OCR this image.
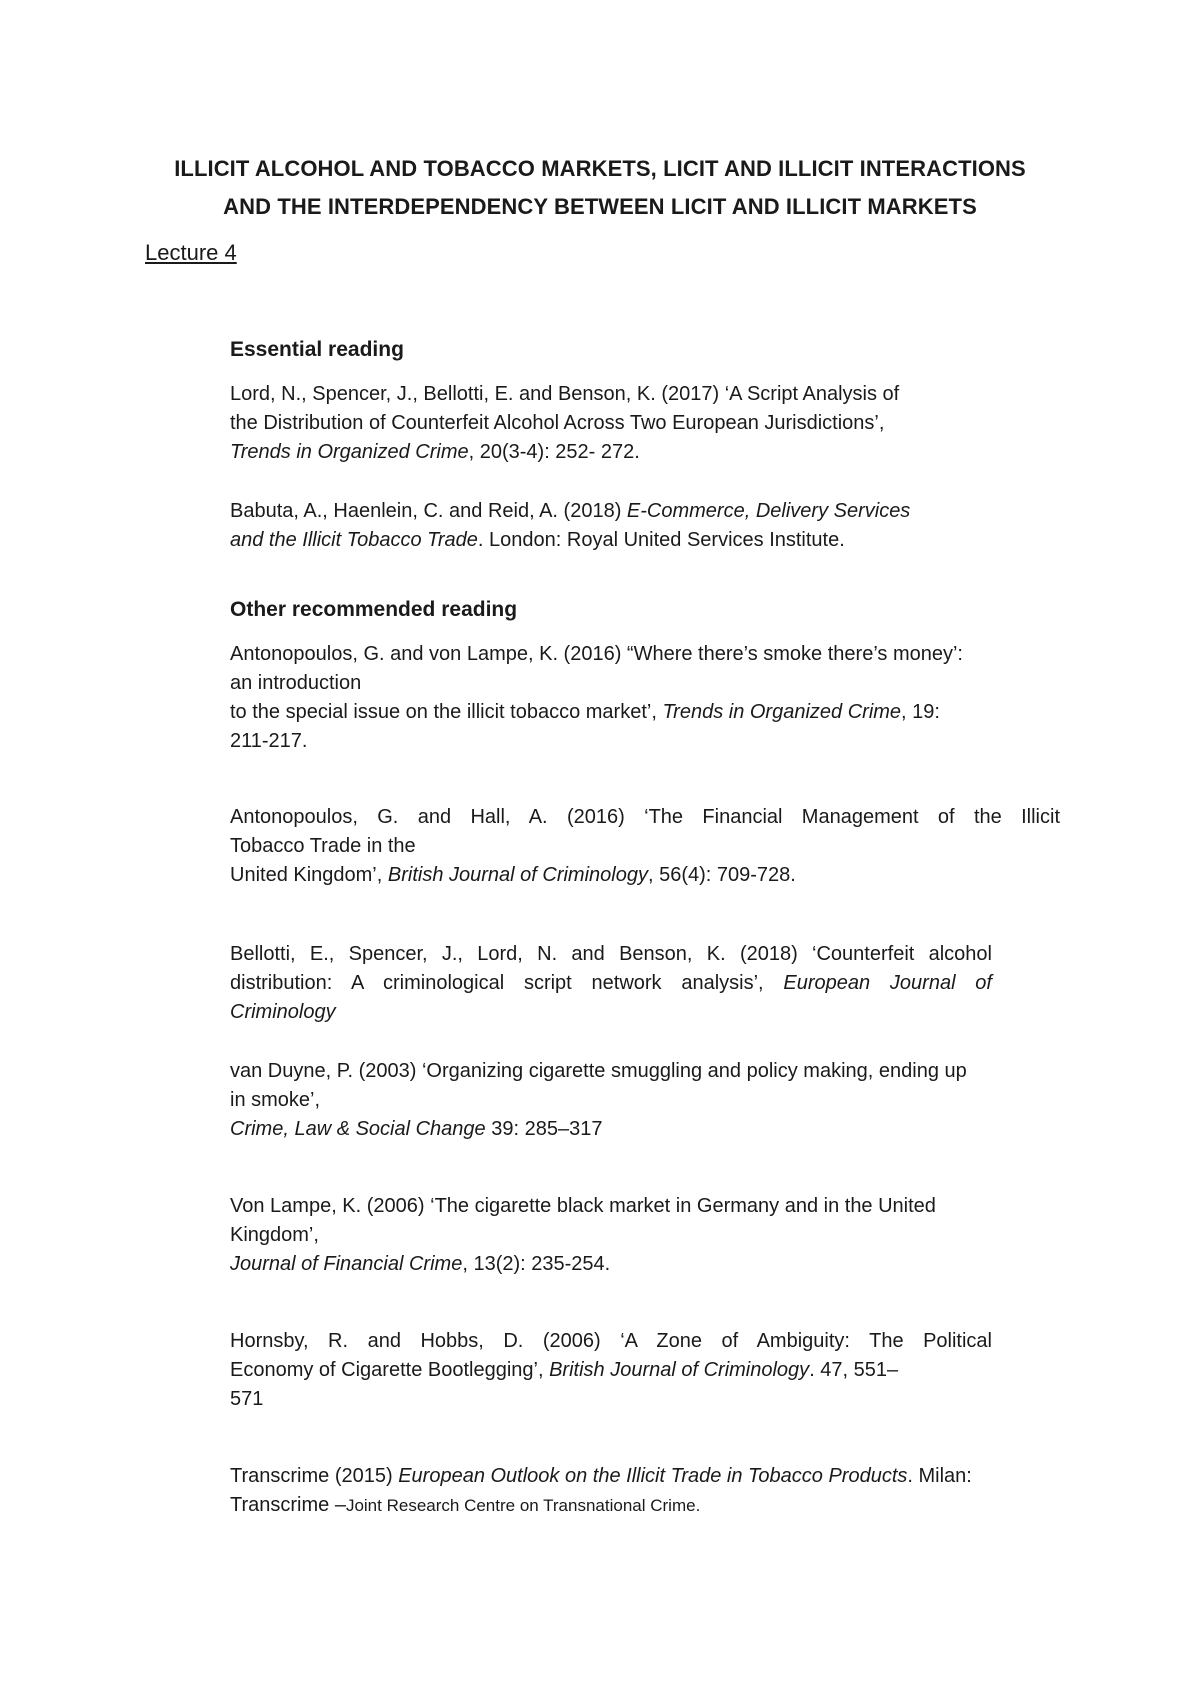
ILLICIT ALCOHOL AND TOBACCO MARKETS, LICIT AND ILLICIT INTERACTIONS
AND THE INTERDEPENDENCY BETWEEN LICIT AND ILLICIT MARKETS
Lecture 4
Essential reading
Lord, N., Spencer, J., Bellotti, E. and Benson, K. (2017) ‘A Script Analysis of
the Distribution of Counterfeit Alcohol Across Two European Jurisdictions’,
Trends in Organized Crime, 20(3-4): 252- 272.
Babuta, A., Haenlein, C. and Reid, A. (2018) E-Commerce, Delivery Services
and the Illicit Tobacco Trade. London: Royal United Services Institute.
Other recommended reading
Antonopoulos, G. and von Lampe, K. (2016) “Where there’s smoke there’s money’:
an introduction
to the special issue on the illicit tobacco market’, Trends in Organized Crime, 19:
211-217.
Antonopoulos, G. and Hall, A. (2016) ‘The Financial Management of the Illicit
Tobacco Trade in the
United Kingdom’, British Journal of Criminology, 56(4): 709-728.
Bellotti, E., Spencer, J., Lord, N. and Benson, K. (2018) ‘Counterfeit alcohol
distribution: A criminological script network analysis’, European Journal of
Criminology
van Duyne, P. (2003) ‘Organizing cigarette smuggling and policy making, ending up
in smoke’,
Crime, Law & Social Change 39: 285–317
Von Lampe, K. (2006) ‘The cigarette black market in Germany and in the United
Kingdom’,
Journal of Financial Crime, 13(2): 235-254.
Hornsby, R. and Hobbs, D. (2006) ‘A Zone of Ambiguity: The Political
Economy of Cigarette Bootlegging’, British Journal of Criminology. 47, 551–
571
Transcrime (2015) European Outlook on the Illicit Trade in Tobacco Products. Milan:
Transcrime –Joint Research Centre on Transnational Crime.
